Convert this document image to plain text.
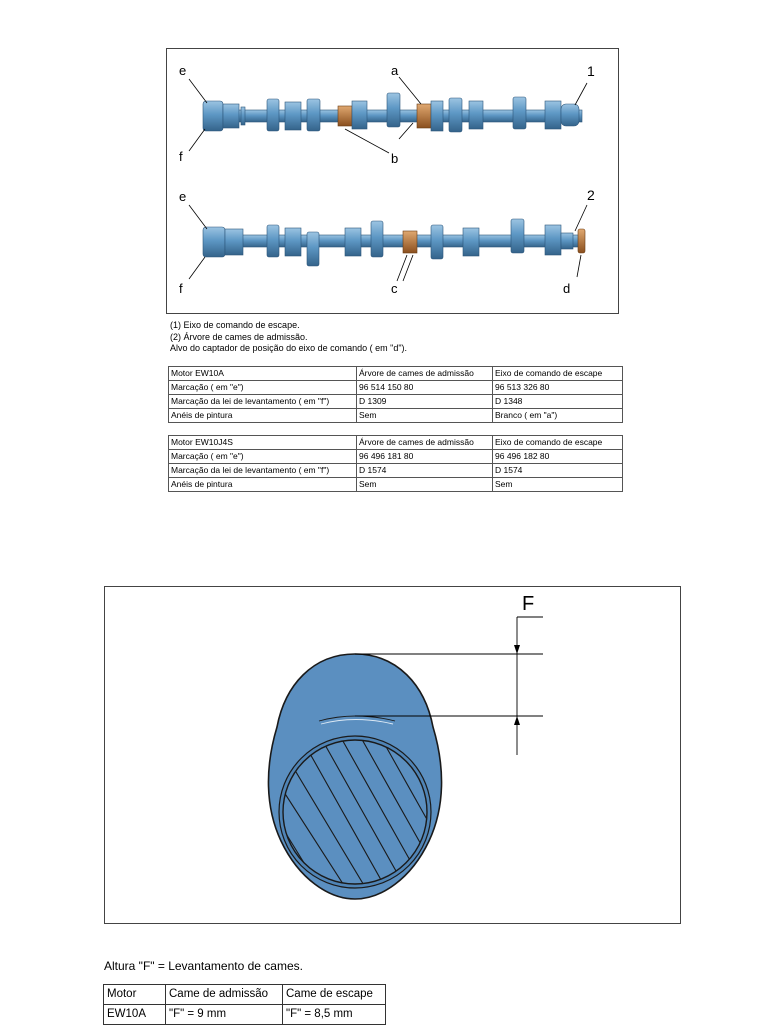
e	a	1
f	b
e	2
f	c	d
(1) Eixo de comando de escape.
(2) Árvore de cames de admissão.
Alvo do captador de posição do eixo de comando ( em "d").
Motor EW10A	Árvore de cames de admissão	Eixo de comando de escape
Marcação ( em "e")	96 514 150 80	96 513 326 80
Marcação da lei de levantamento ( em "f")	D 1309	D 1348
Anéis de pintura	Sem	Branco ( em "a")
Motor EW10J4S	Árvore de cames de admissão	Eixo de comando de escape
Marcação ( em "e")	96 496 181 80	96 496 182 80
Marcação da lei de levantamento ( em "f")	D 1574	D 1574
Anéis de pintura	Sem	Sem
F
Altura "F" = Levantamento de cames.
Motor	Came de admissão	Came de escape
EW10A	"F" = 9 mm	"F" = 8,5 mm
